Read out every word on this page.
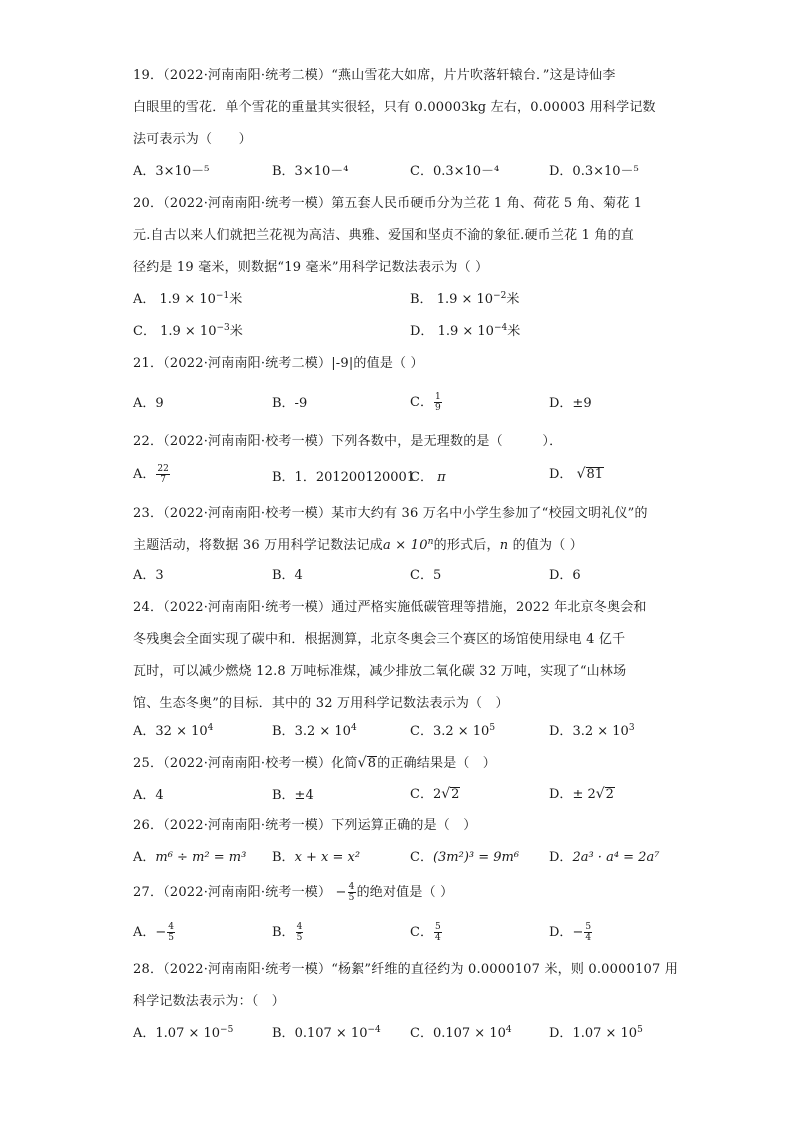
19．（2022·河南南阳·统考二模）“燕山雪花大如席，片片吹落轩辕台．”这是诗仙李
白眼里的雪花．单个雪花的重量其实很轻，只有 0.00003kg 左右，0.00003 用科学记数
法可表示为（　　）
A．3×10－⁵	B．3×10－⁴	C．0.3×10－⁴	D．0.3×10－⁵
20．（2022·河南南阳·统考一模）第五套人民币硬币分为兰花 1 角、荷花 5 角、菊花 1
元.自古以来人们就把兰花视为高洁、典雅、爱国和坚贞不渝的象征.硬币兰花 1 角的直
径约是 19 毫米，则数据“19 毫米”用科学记数法表示为（ ）
A． $1.9 \times 10^{-1}$米	B． $1.9 \times 10^{-2}$米
C． $1.9 \times 10^{-3}$米	D． $1.9 \times 10^{-4}$米
21．（2022·河南南阳·统考二模）|-9|的值是（ ）
A．9	B．-9	C． $\frac{1}{9}$	D．±9
22．（2022·河南南阳·校考一模）下列各数中，是无理数的是（　　　）．
A． $\frac{22}{7}$	B．1．201200120001
C． π	D． √ 81
23．（2022·河南南阳·校考一模）某市大约有 36 万名中小学生参加了“校园文明礼仪”的
主题活动，将数据 36 万用科学记数法记成$a \times 10^n$的形式后，n 的值为（ ）
A．3	B．4	C．5	D．6
24．（2022·河南南阳·统考一模）通过严格实施低碳管理等措施，2022 年北京冬奥会和
冬残奥会全面实现了碳中和．根据测算，北京冬奥会三个赛区的场馆使用绿电 4 亿千
瓦时，可以减少燃烧 12.8 万吨标准煤，减少排放二氧化碳 32 万吨，实现了“山林场
馆、生态冬奥”的目标．其中的 32 万用科学记数法表示为（　）
A．$32 \times 10^4$	B．$3.2 \times 10^4$	C．$3.2 \times 10^5$	D．$3.2 \times 10^3$
25．（2022·河南南阳·校考一模）化简 √ 8 的正确结果是（　）
A．4	B．±4	C．2 √ 2	D．± 2 √ 2
26．（2022·河南南阳·统考一模）下列运算正确的是（　）
A．m⁶ ÷ m² = m³ B．x + x = x²	C．(3m²)³ = 9m⁶ D．2a³ · a⁴ = 2a⁷
27．（2022·河南南阳·统考一模） − $\frac{4}{5}$ 的绝对值是（ ）
A．− $\frac{4}{5}$	B． $\frac{4}{5}$	C． $\frac{5}{4}$	D．− $\frac{5}{4}$
28．（2022·河南南阳·统考一模）“杨絮”纤维的直径约为 0.0000107 米，则 0.0000107 用
科学记数法表示为：（　）
A．$1.07 \times 10^{-5}$	B．$0.107 \times 10^{-4}$ C．$0.107 \times 10^4$	D．$1.07 \times 10^5$
